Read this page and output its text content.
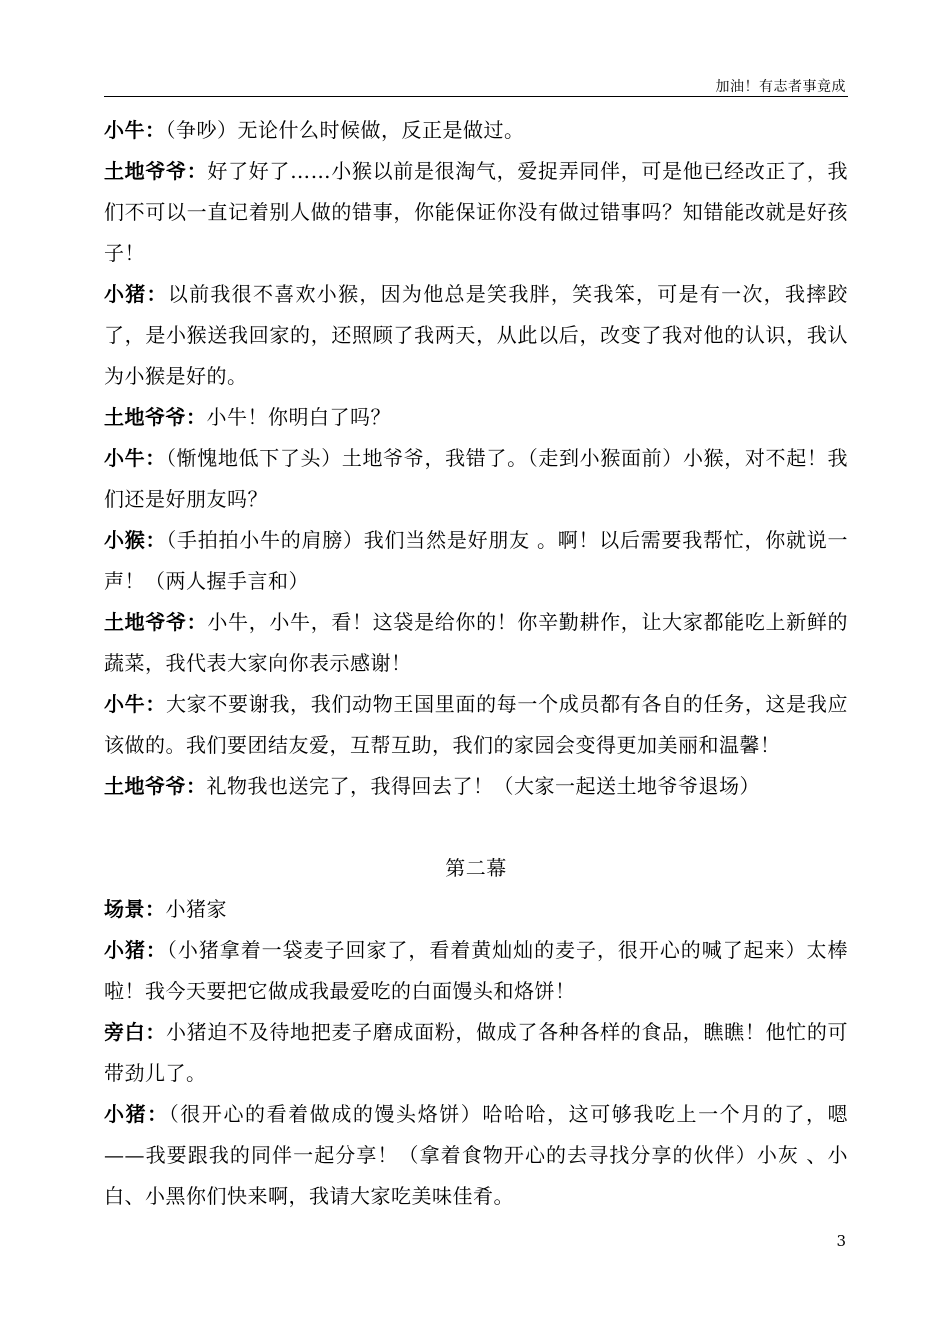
加油！有志者事竟成

小牛：（争吵）无论什么时候做，反正是做过。

土地爷爷：好了好了……小猴以前是很淘气，爱捉弄同伴，可是他已经改正了，我们不可以一直记着别人做的错事，你能保证你没有做过错事吗？知错能改就是好孩子！

小猪：以前我很不喜欢小猴，因为他总是笑我胖，笑我笨，可是有一次，我摔跤了，是小猴送我回家的，还照顾了我两天，从此以后，改变了我对他的认识，我认为小猴是好的。

土地爷爷：小牛！你明白了吗？

小牛：（惭愧地低下了头）土地爷爷，我错了。（走到小猴面前）小猴，对不起！我们还是好朋友吗？

小猴：（手拍拍小牛的肩膀）我们当然是好朋友 。啊！以后需要我帮忙，你就说一声！（两人握手言和）

土地爷爷：小牛，小牛，看！这袋是给你的！你辛勤耕作，让大家都能吃上新鲜的蔬菜，我代表大家向你表示感谢！

小牛：大家不要谢我，我们动物王国里面的每一个成员都有各自的任务，这是我应该做的。我们要团结友爱，互帮互助，我们的家园会变得更加美丽和温馨！

土地爷爷：礼物我也送完了，我得回去了！（大家一起送土地爷爷退场）

第二幕

场景：小猪家

小猪：（小猪拿着一袋麦子回家了，看着黄灿灿的麦子，很开心的喊了起来）太棒啦！我今天要把它做成我最爱吃的白面馒头和烙饼！

旁白：小猪迫不及待地把麦子磨成面粉，做成了各种各样的食品，瞧瞧！他忙的可带劲儿了。

小猪：（很开心的看着做成的馒头烙饼）哈哈哈，这可够我吃上一个月的了，嗯——我要跟我的同伴一起分享！（拿着食物开心的去寻找分享的伙伴）小灰 、小白、小黑你们快来啊，我请大家吃美味佳肴。

3
